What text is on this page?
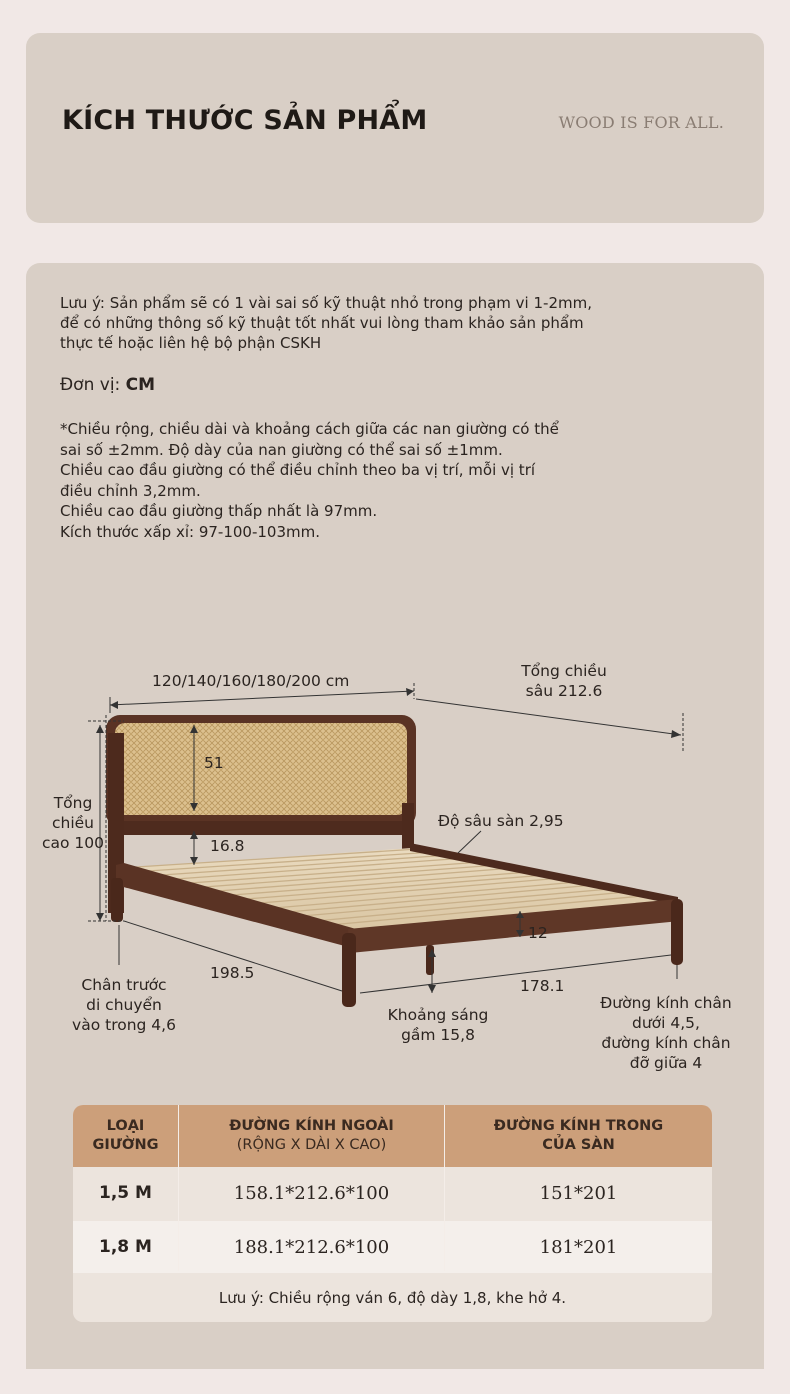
KÍCH THƯỚC SẢN PHẨM	WOOD IS FOR ALL.
Lưu ý: Sản phẩm sẽ có 1 vài sai số kỹ thuật nhỏ trong phạm vi 1-2mm,
để có những thông số kỹ thuật tốt nhất vui lòng tham khảo sản phẩm
thực tế hoặc liên hệ bộ phận CSKH
Đơn vị: CM
*Chiều rộng, chiều dài và khoảng cách giữa các nan giường có thể
sai số ±2mm. Độ dày của nan giường có thể sai số ±1mm.
Chiều cao đầu giường có thể điều chỉnh theo ba vị trí, mỗi vị trí
điều chỉnh 3,2mm.
Chiều cao đầu giường thấp nhất là 97mm.
Kích thước xấp xỉ: 97-100-103mm.
120/140/160/180/200 cm
Tổng chiều
sâu 212.6
51
Tổng
chiều
cao 100	16.8
Độ sâu sàn 2,95
12
198.5
178.1
Chân trước
di chuyển
vào trong 4,6
Khoảng sáng
gầm 15,8
Đường kính chân
dưới 4,5,
đường kính chân
đỡ giữa 4
LOẠI
GIƯỜNG
ĐƯỜNG KÍNH NGOÀI
(RỘNG X DÀI X CAO)
ĐƯỜNG KÍNH TRONG
CỦA SÀN
1,5 M	158.1*212.6*100	151*201
1,8 M	188.1*212.6*100	181*201
Lưu ý: Chiều rộng ván 6, độ dày 1,8, khe hở 4.
